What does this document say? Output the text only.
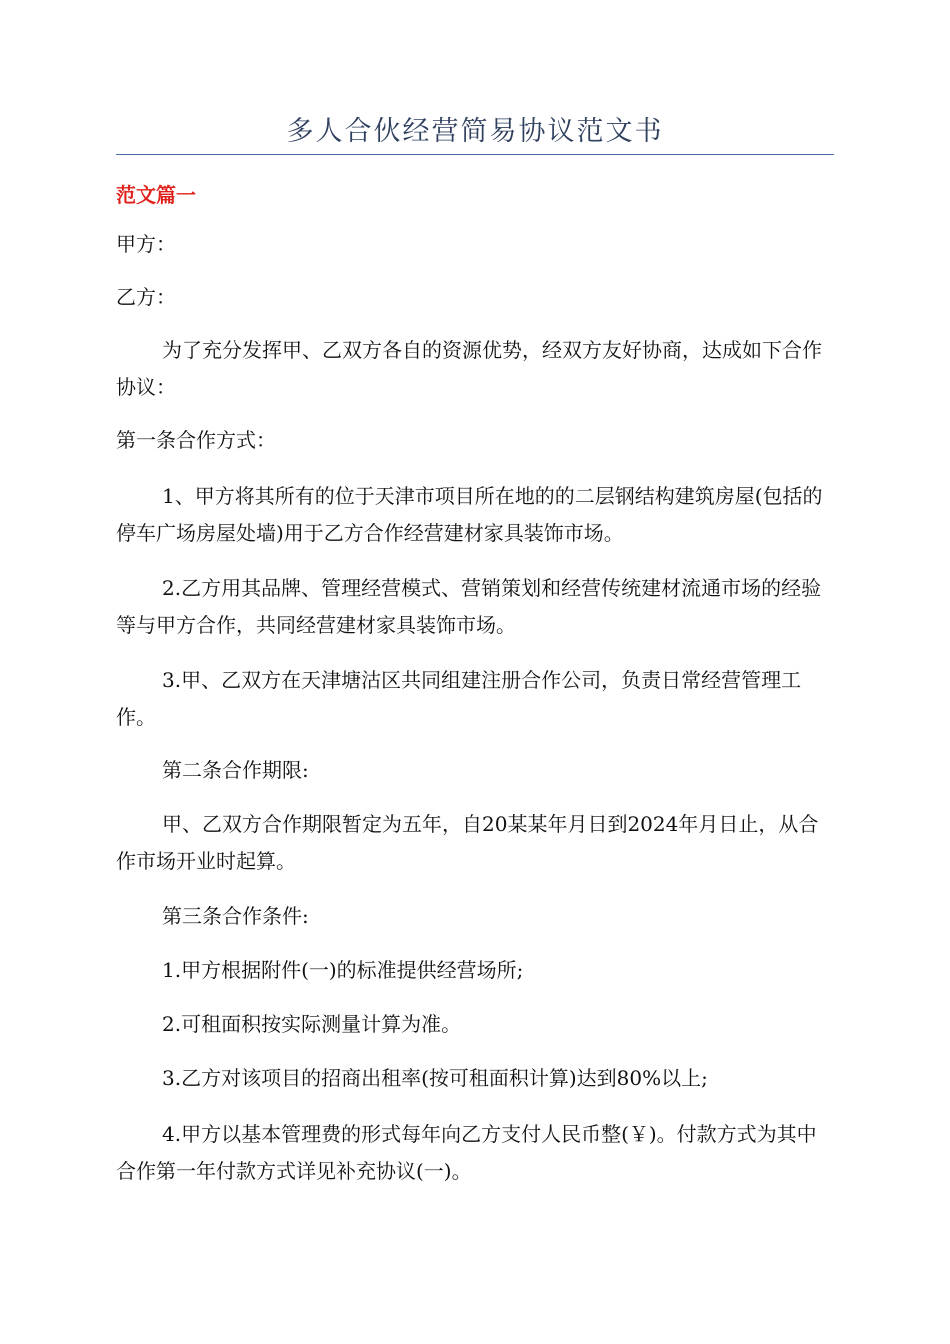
多人合伙经营简易协议范文书
范文篇一

甲方：

乙方：

为了充分发挥甲、乙双方各自的资源优势，经双方友好协商，达成如下合作协议：

第一条合作方式：

1、甲方将其所有的位于天津市项目所在地的的二层钢结构建筑房屋(包括的停车广场房屋处墙)用于乙方合作经营建材家具装饰市场。

2.乙方用其品牌、管理经营模式、营销策划和经营传统建材流通市场的经验等与甲方合作，共同经营建材家具装饰市场。

3.甲、乙双方在天津塘沽区共同组建注册合作公司，负责日常经营管理工作。

第二条合作期限:

甲、乙双方合作期限暂定为五年，自20某某年月日到2024年月日止，从合作市场开业时起算。

第三条合作条件:

1.甲方根据附件(一)的标准提供经营场所;

2.可租面积按实际测量计算为准。

3.乙方对该项目的招商出租率(按可租面积计算)达到80%以上;

4.甲方以基本管理费的形式每年向乙方支付人民币整(￥)。付款方式为其中合作第一年付款方式详见补充协议(一)。
